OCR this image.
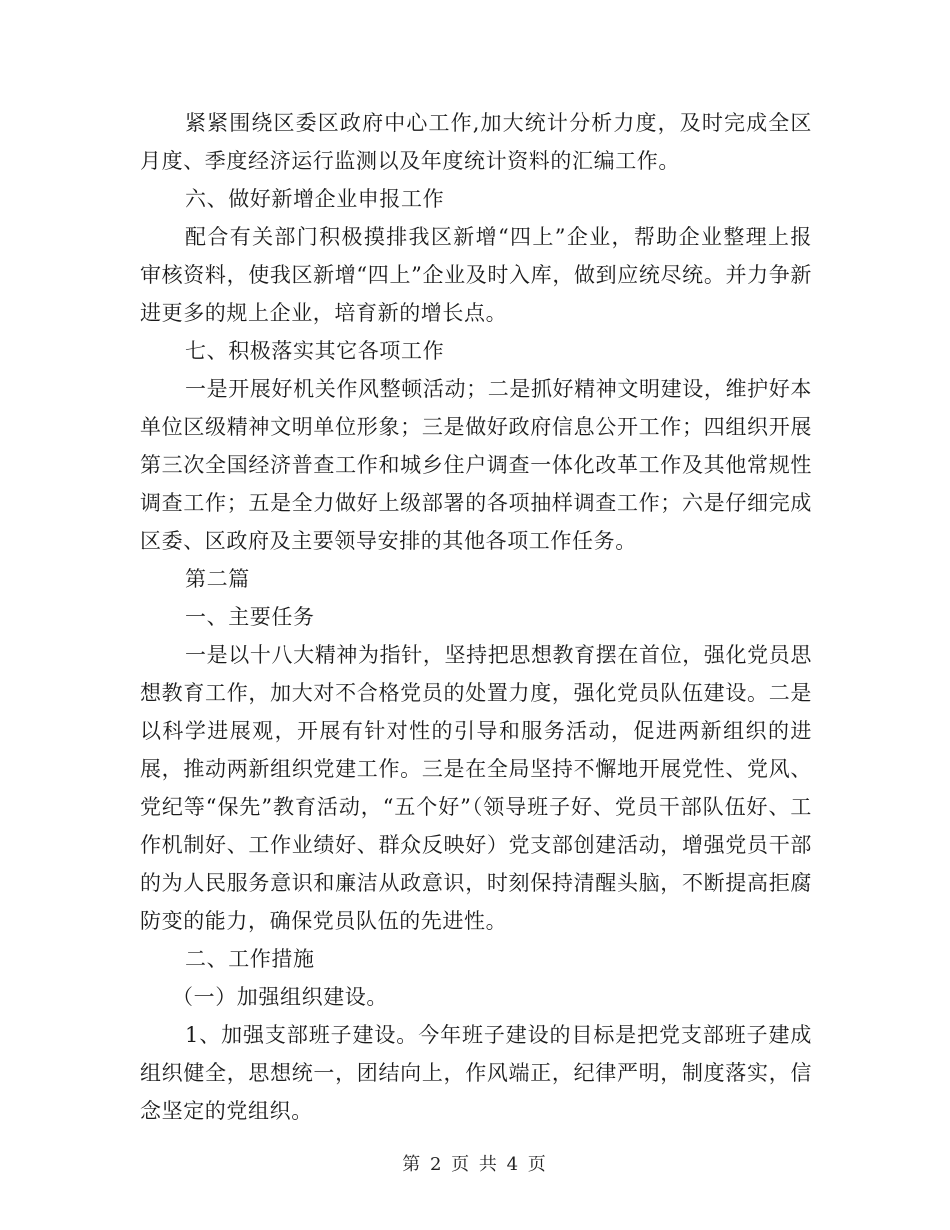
紧紧围绕区委区政府中心工作,加大统计分析力度，及时完成全区月度、季度经济运行监测以及年度统计资料的汇编工作。

六、做好新增企业申报工作

配合有关部门积极摸排我区新增“四上”企业，帮助企业整理上报审核资料，使我区新增“四上”企业及时入库，做到应统尽统。并力争新进更多的规上企业，培育新的增长点。

七、积极落实其它各项工作

一是开展好机关作风整顿活动；二是抓好精神文明建设，维护好本单位区级精神文明单位形象；三是做好政府信息公开工作；四组织开展第三次全国经济普查工作和城乡住户调查一体化改革工作及其他常规性调查工作；五是全力做好上级部署的各项抽样调查工作；六是仔细完成区委、区政府及主要领导安排的其他各项工作任务。

第二篇

一、主要任务

一是以十八大精神为指针，坚持把思想教育摆在首位，强化党员思想教育工作，加大对不合格党员的处置力度，强化党员队伍建设。二是以科学进展观，开展有针对性的引导和服务活动，促进两新组织的进展，推动两新组织党建工作。三是在全局坚持不懈地开展党性、党风、党纪等“保先”教育活动，“五个好”（领导班子好、党员干部队伍好、工作机制好、工作业绩好、群众反映好）党支部创建活动，增强党员干部的为人民服务意识和廉洁从政意识，时刻保持清醒头脑，不断提高拒腐防变的能力，确保党员队伍的先进性。

二、工作措施

（一）加强组织建设。

1、加强支部班子建设。今年班子建设的目标是把党支部班子建成组织健全，思想统一，团结向上，作风端正，纪律严明，制度落实，信念坚定的党组织。

第 2 页 共 4 页
